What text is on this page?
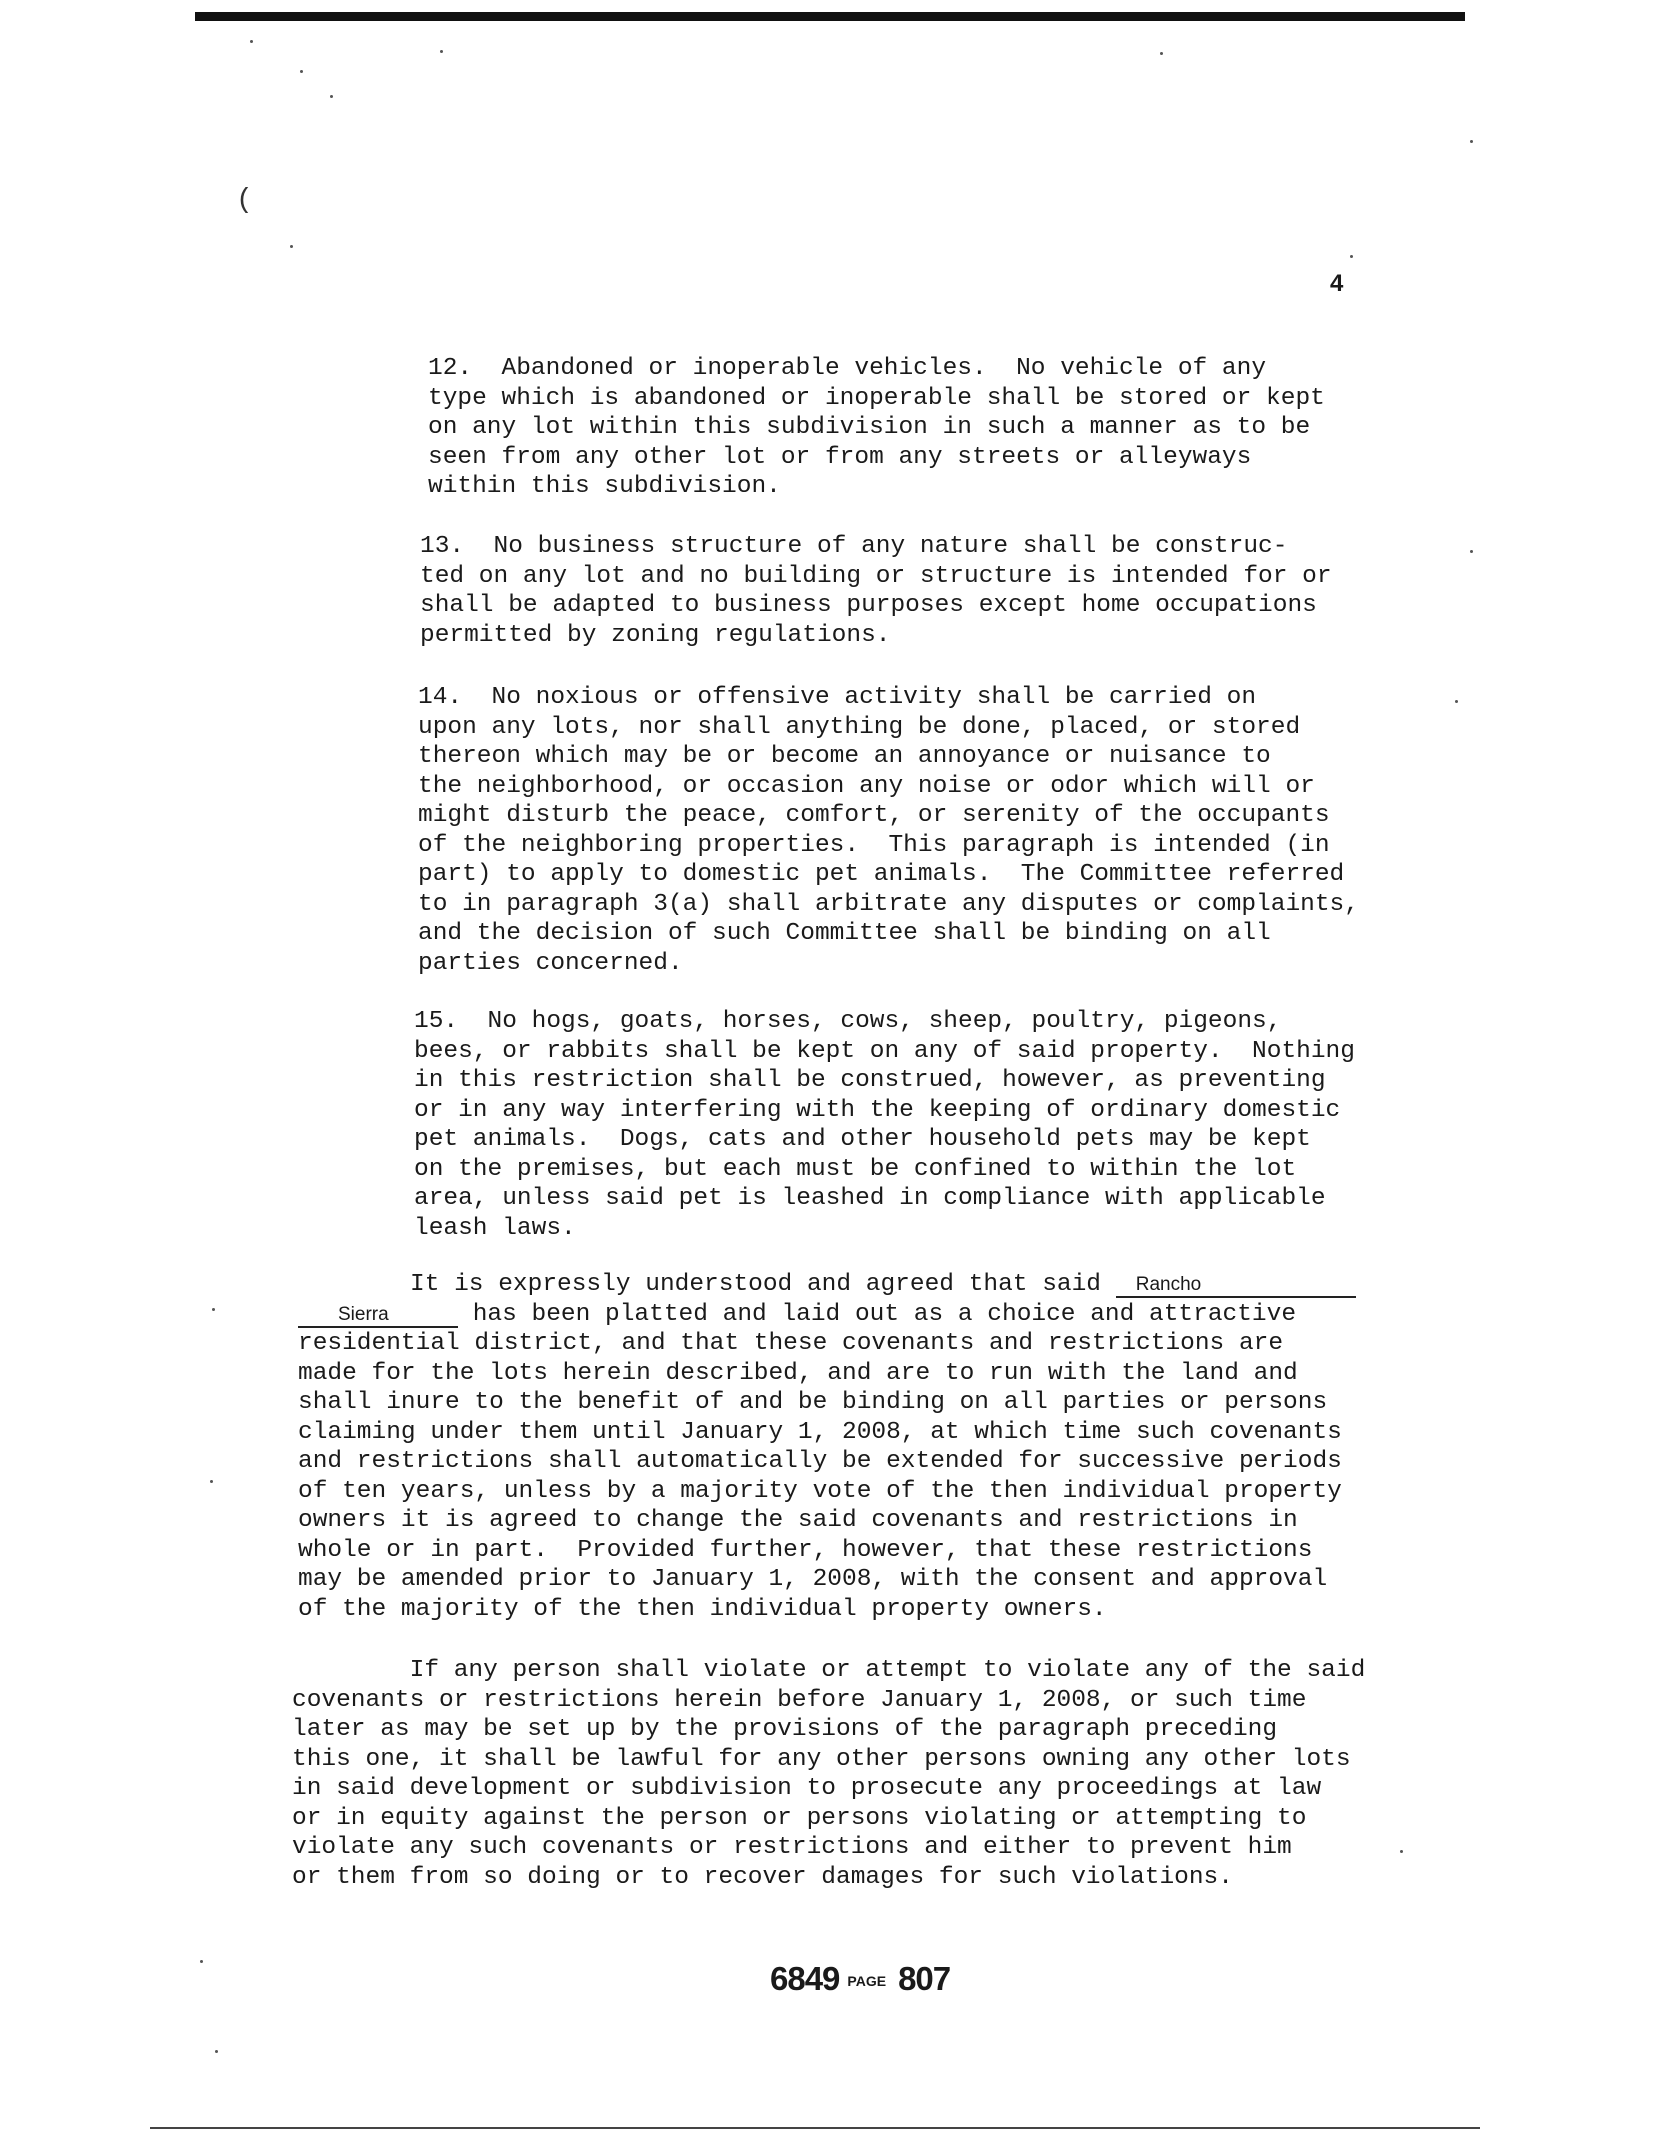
(
4

12.  Abandoned or inoperable vehicles.  No vehicle of any
type which is abandoned or inoperable shall be stored or kept
on any lot within this subdivision in such a manner as to be
seen from any other lot or from any streets or alleyways
within this subdivision.

13.  No business structure of any nature shall be construc-
ted on any lot and no building or structure is intended for or
shall be adapted to business purposes except home occupations
permitted by zoning regulations.

14.  No noxious or offensive activity shall be carried on
upon any lots, nor shall anything be done, placed, or stored
thereon which may be or become an annoyance or nuisance to
the neighborhood, or occasion any noise or odor which will or
might disturb the peace, comfort, or serenity of the occupants
of the neighboring properties.  This paragraph is intended (in
part) to apply to domestic pet animals.  The Committee referred
to in paragraph 3(a) shall arbitrate any disputes or complaints,
and the decision of such Committee shall be binding on all
parties concerned.

15.  No hogs, goats, horses, cows, sheep, poultry, pigeons,
bees, or rabbits shall be kept on any of said property.  Nothing
in this restriction shall be construed, however, as preventing
or in any way interfering with the keeping of ordinary domestic
pet animals.  Dogs, cats and other household pets may be kept
on the premises, but each must be confined to within the lot
area, unless said pet is leashed in compliance with applicable
leash laws.

It is expressly understood and agreed that said Rancho
Sierra	has been platted and laid out as a choice and attractive
residential district, and that these covenants and restrictions are
made for the lots herein described, and are to run with the land and
shall inure to the benefit of and be binding on all parties or persons
claiming under them until January 1, 2008, at which time such covenants
and restrictions shall automatically be extended for successive periods
of ten years, unless by a majority vote of the then individual property
owners it is agreed to change the said covenants and restrictions in
whole or in part.  Provided further, however, that these restrictions
may be amended prior to January 1, 2008, with the consent and approval
of the majority of the then individual property owners.

If any person shall violate or attempt to violate any of the said
covenants or restrictions herein before January 1, 2008, or such time
later as may be set up by the provisions of the paragraph preceding
this one, it shall be lawful for any other persons owning any other lots
in said development or subdivision to prosecute any proceedings at law
or in equity against the person or persons violating or attempting to
violate any such covenants or restrictions and either to prevent him
or them from so doing or to recover damages for such violations.

6849 PAGE 807
